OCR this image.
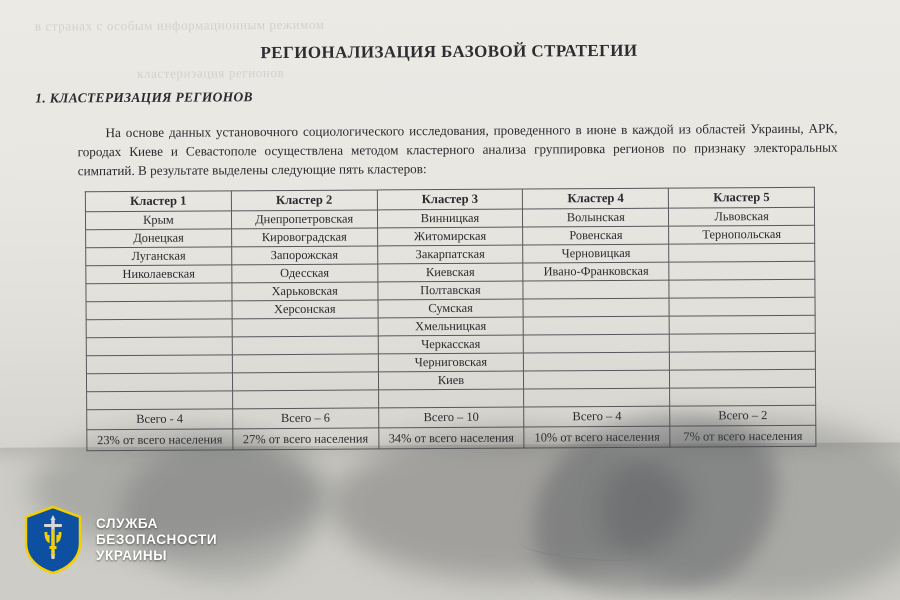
в странах с особым информационным режимом
кластеризация регионов
РЕГИОНАЛИЗАЦИЯ БАЗОВОЙ СТРАТЕГИИ
1. КЛАСТЕРИЗАЦИЯ РЕГИОНОВ
На основе данных установочного социологического исследования, проведенного в июне в каждой из областей Украины, АРК, городах Киеве и Севастополе осуществлена методом кластерного анализа группировка регионов по признаку электоральных симпатий. В результате выделены следующие пять кластеров:
Кластер 1	Кластер 2	Кластер 3	Кластер 4	Кластер 5
Крым	Днепропетровская	Винницкая	Волынская	Львовская
Донецкая	Кировоградская	Житомирская	Ровенская	Тернопольская
Луганская	Запорожская	Закарпатская	Черновицкая	
Николаевская	Одесская	Киевская	Ивано-Франковская	
	Харьковская	Полтавская		
	Херсонская	Сумская		
		Хмельницкая		
		Черкасская		
		Черниговская		
		Киев		

Всего - 4	Всего – 6	Всего – 10	Всего – 4	Всего – 2
23% от всего населения	27% от всего населения	34% от всего населения	10% от всего населения	7% от всего населения
СЛУЖБА
БЕЗОПАСНОСТИ
УКРАИНЫ
